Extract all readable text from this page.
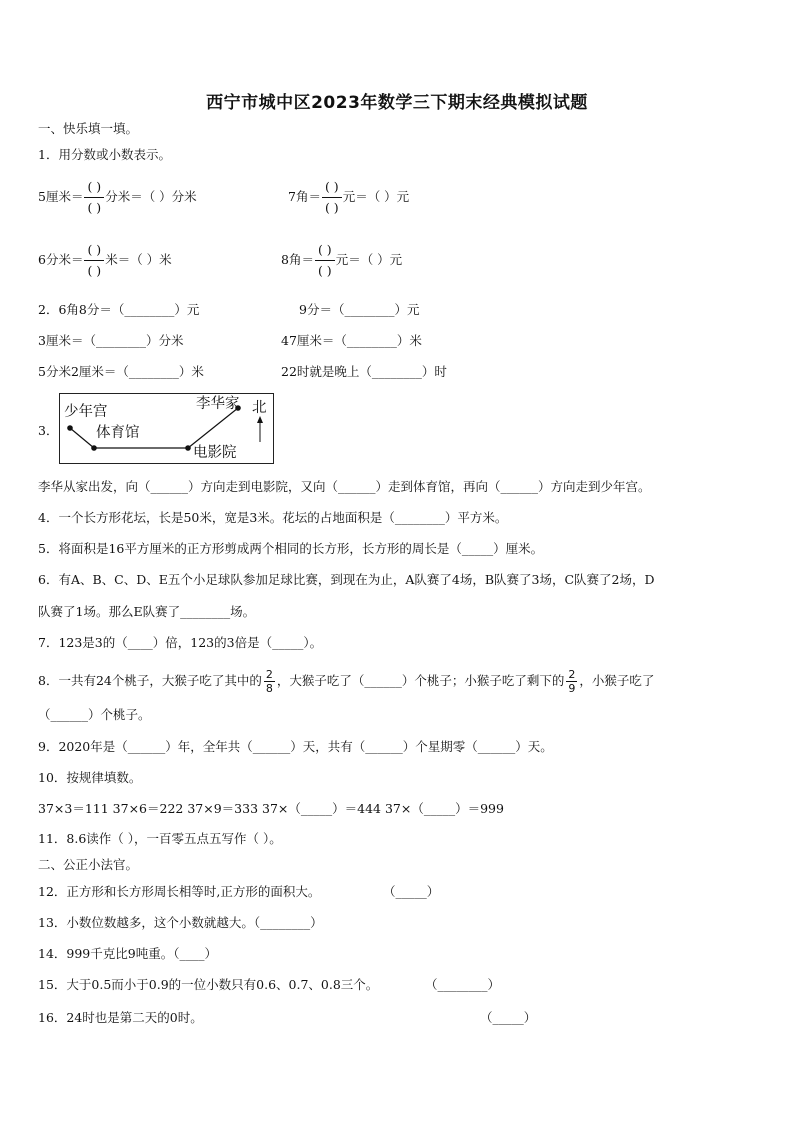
西宁市城中区2023年数学三下期末经典模拟试题
一、快乐填一填。
1．用分数或小数表示。
5厘米＝ $\frac{( )}{( )}$ 分米＝（ ）分米	7角＝ $\frac{( )}{( )}$ 元＝（ ）元
6分米＝ $\frac{( )}{( )}$ 米＝（ ）米	8角＝ $\frac{( )}{( )}$ 元＝（ ）元
2．6角8分＝（________）元	9分＝（________）元
3厘米＝（________）分米	47厘米＝（________）米
5分米2厘米＝（________）米	22时就是晚上（________）时
3．
少年宫
体育馆
李华家 北
电影院
李华从家出发，向（______）方向走到电影院，又向（______）走到体育馆，再向（______）方向走到少年宫。
4．一个长方形花坛，长是50米，宽是3米。花坛的占地面积是（________）平方米。
5．将面积是16平方厘米的正方形剪成两个相同的长方形，长方形的周长是（_____）厘米。
6．有A、B、C、D、E五个小足球队参加足球比赛，到现在为止，A队赛了4场，B队赛了3场，C队赛了2场，D
队赛了1场。那么E队赛了________场。
7．123是3的（____）倍，123的3倍是（_____）。
8．一共有24个桃子，大猴子吃了其中的 $\frac{2}{8}$ ，大猴子吃了（______）个桃子；小猴子吃了剩下的 $\frac{2}{9}$ ，小猴子吃了
（______）个桃子。
9．2020年是（______）年，全年共（______）天，共有（______）个星期零（______）天。
10．按规律填数。
37×3＝111 37×6＝222 37×9＝333 37×（_____）＝444 37×（_____）＝999
11．8.6读作（ ），一百零五点五写作（ ）。
二、公正小法官。
12．正方形和长方形周长相等时,正方形的面积大。	（_____）
13．小数位数越多，这个小数就越大。（________）
14．999千克比9吨重。（____）
15．大于0.5而小于0.9的一位小数只有0.6、0.7、0.8三个。	（________）
16．24时也是第二天的0时。	（_____）
